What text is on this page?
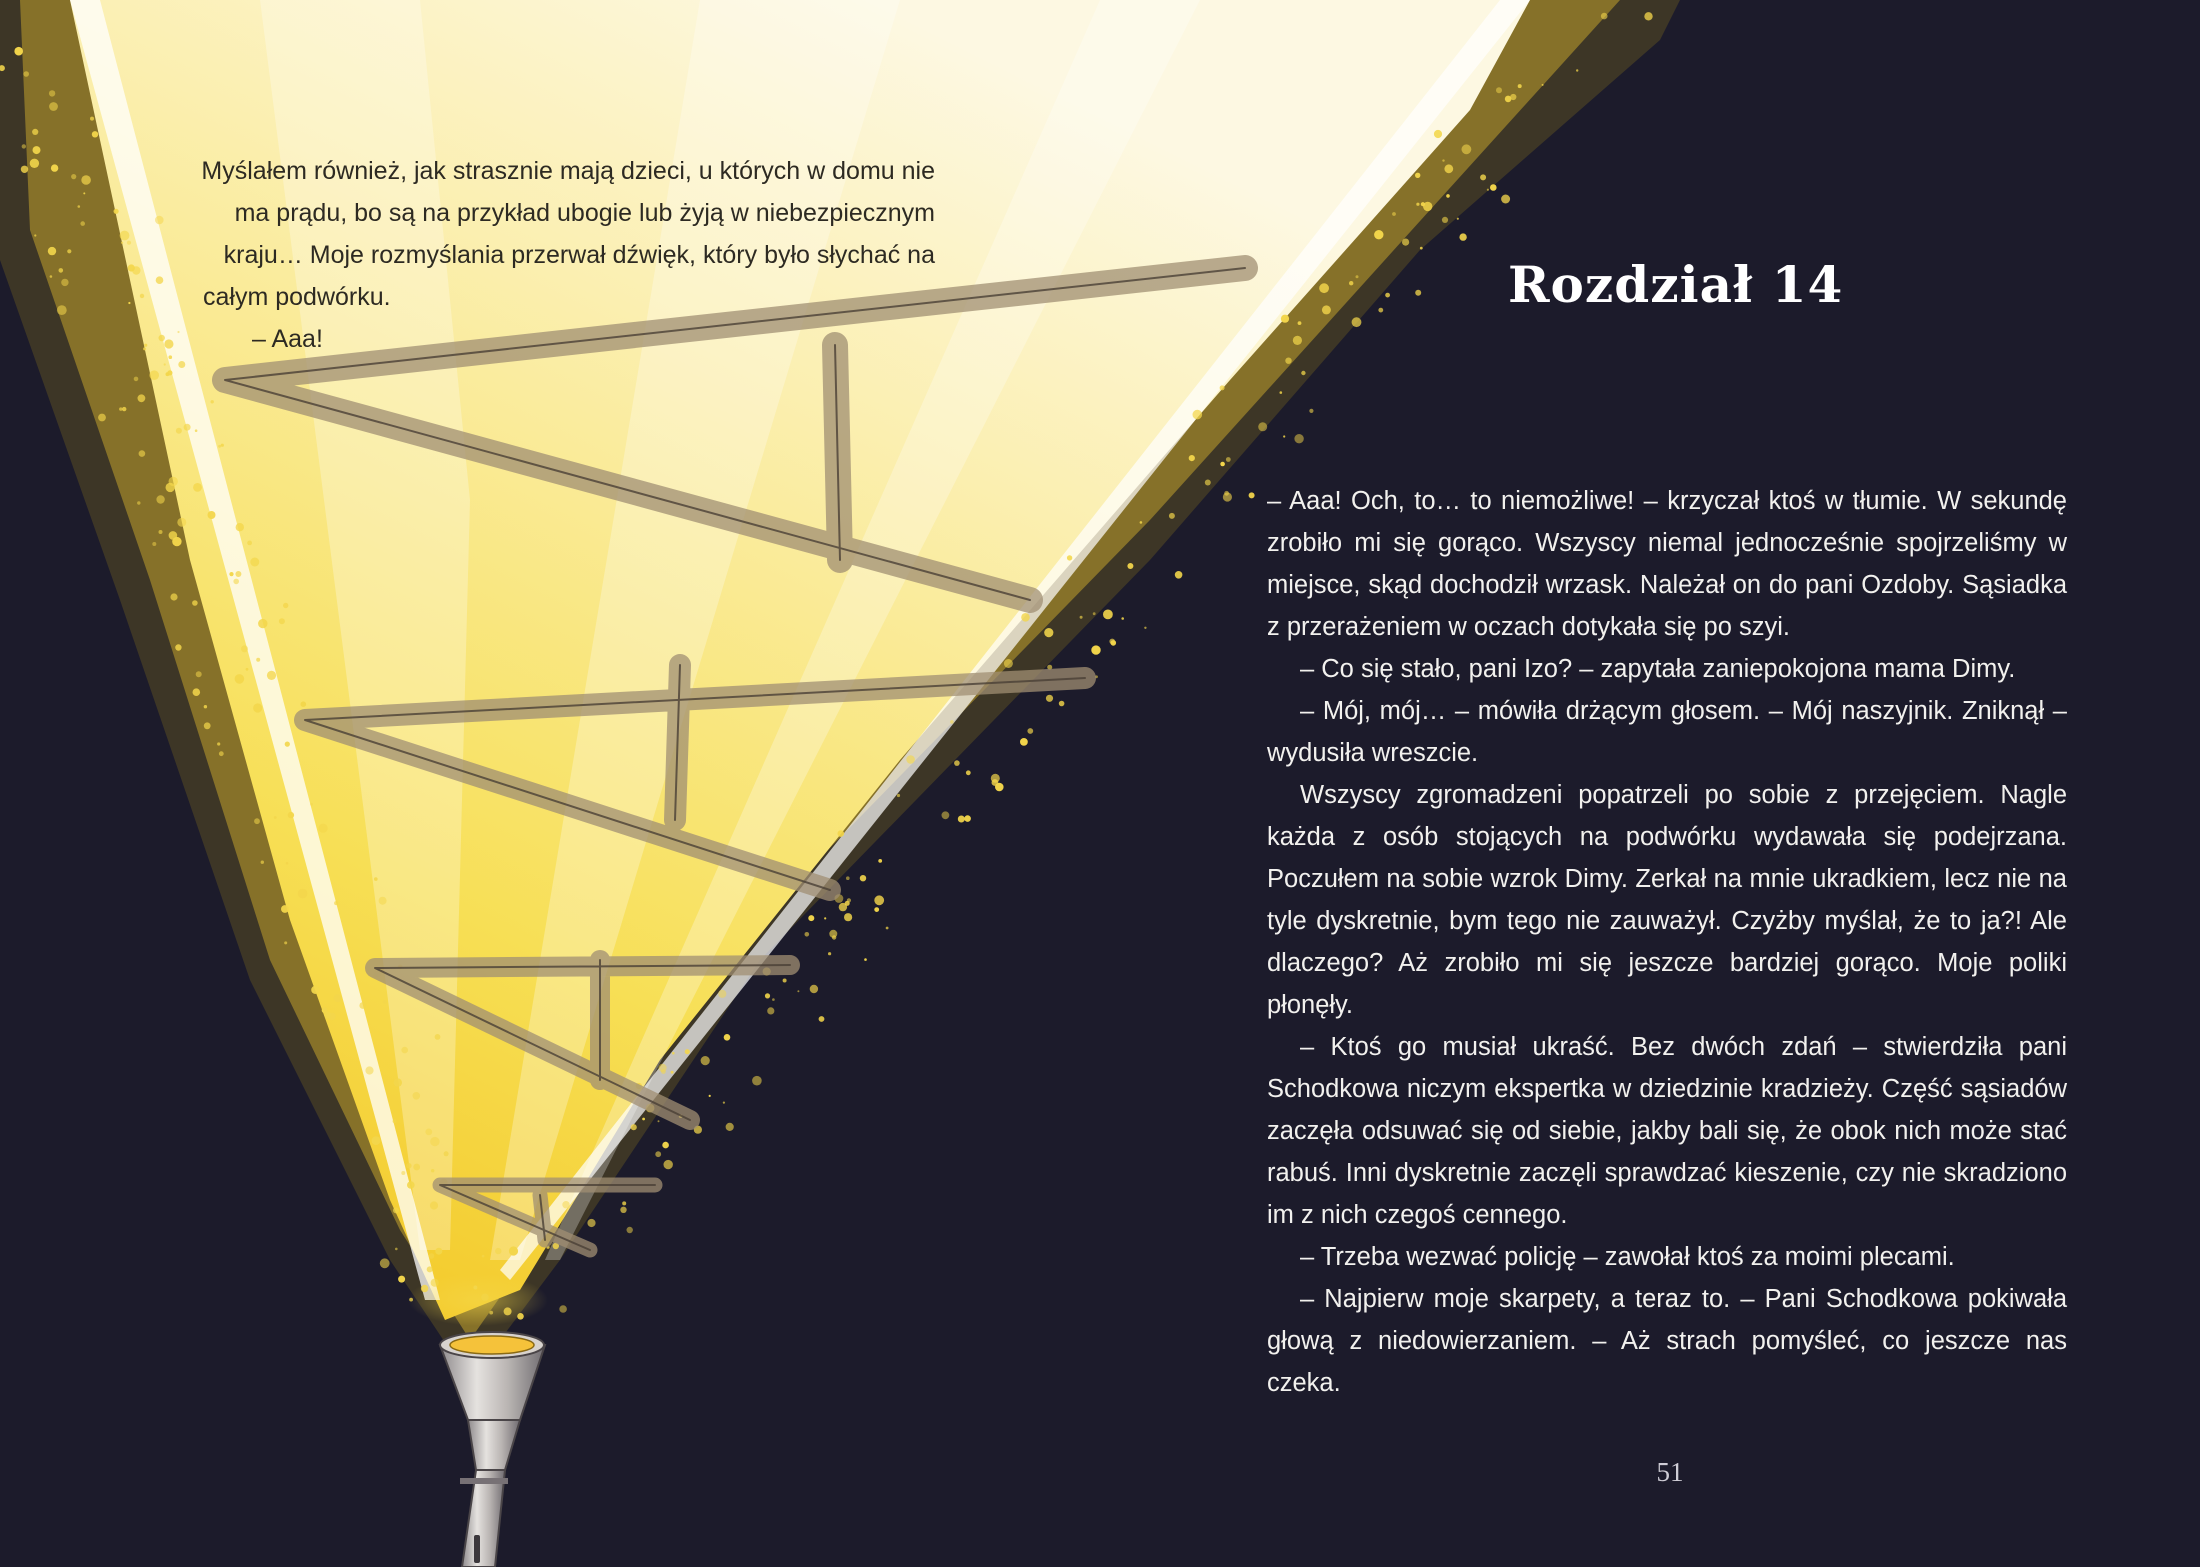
Myślałem również, jak strasznie mają dzieci, u których w domu nie
ma prądu, bo są na przykład ubogie lub żyją w niebezpiecznym
kraju… Moje rozmyślania przerwał dźwięk, który było słychać na
całym podwórku.
– Aaa!

Rozdział 14

– Aaa! Och, to… to niemożliwe! – krzyczał ktoś w tłumie. W sekundę zrobiło mi się gorąco. Wszyscy niemal jednocześnie spojrzeliśmy w miejsce, skąd dochodził wrzask. Należał on do pani Ozdoby. Sąsiadka z przerażeniem w oczach dotykała się po szyi.

– Co się stało, pani Izo? – zapytała zaniepokojona mama Dimy.

– Mój, mój… – mówiła drżącym głosem. – Mój naszyjnik. Zniknął – wydusiła wreszcie.

Wszyscy zgromadzeni popatrzeli po sobie z przejęciem. Nagle każda z osób stojących na podwórku wydawała się podejrzana. Poczułem na sobie wzrok Dimy. Zerkał na mnie ukradkiem, lecz nie na tyle dyskretnie, bym tego nie zauważył. Czyżby myślał, że to ja?! Ale dlaczego? Aż zrobiło mi się jeszcze bardziej gorąco. Moje poliki płonęły.

– Ktoś go musiał ukraść. Bez dwóch zdań – stwierdziła pani Schodkowa niczym ekspertka w dziedzinie kradzieży. Część sąsiadów zaczęła odsuwać się od siebie, jakby bali się, że obok nich może stać rabuś. Inni dyskretnie zaczęli sprawdzać kieszenie, czy nie skradziono im z nich czegoś cennego.

– Trzeba wezwać policję – zawołał ktoś za moimi plecami.

– Najpierw moje skarpety, a teraz to. – Pani Schodkowa pokiwała głową z niedowierzaniem. – Aż strach pomyśleć, co jeszcze nas czeka.

51
